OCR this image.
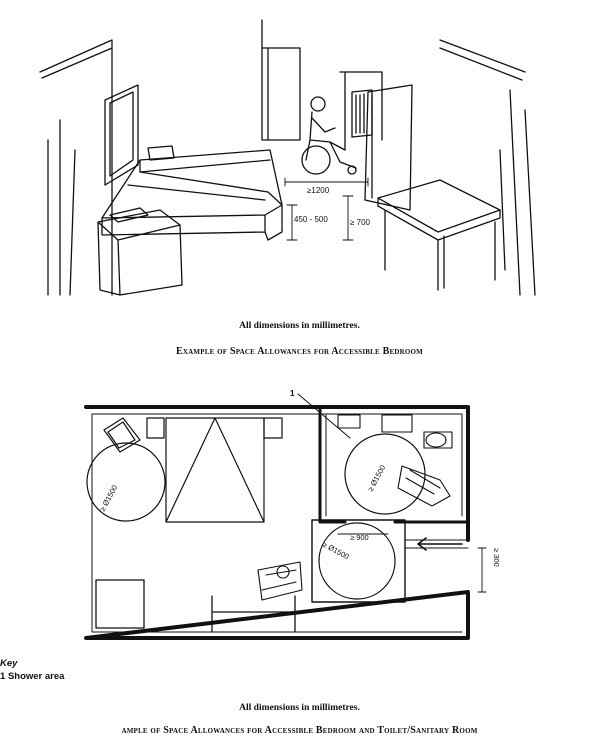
≥1200
450 - 500	≥ 700
All dimensions in millimetres.
Example of Space Allowances for Accessible Bedroom
≥ Ø1500
≥ Ø1500
≥ Ø1500
≥ 900
≥ 300
1
Key
1 Shower area
All dimensions in millimetres.
ample of Space Allowances for Accessible Bedroom and Toilet/Sanitary Room
